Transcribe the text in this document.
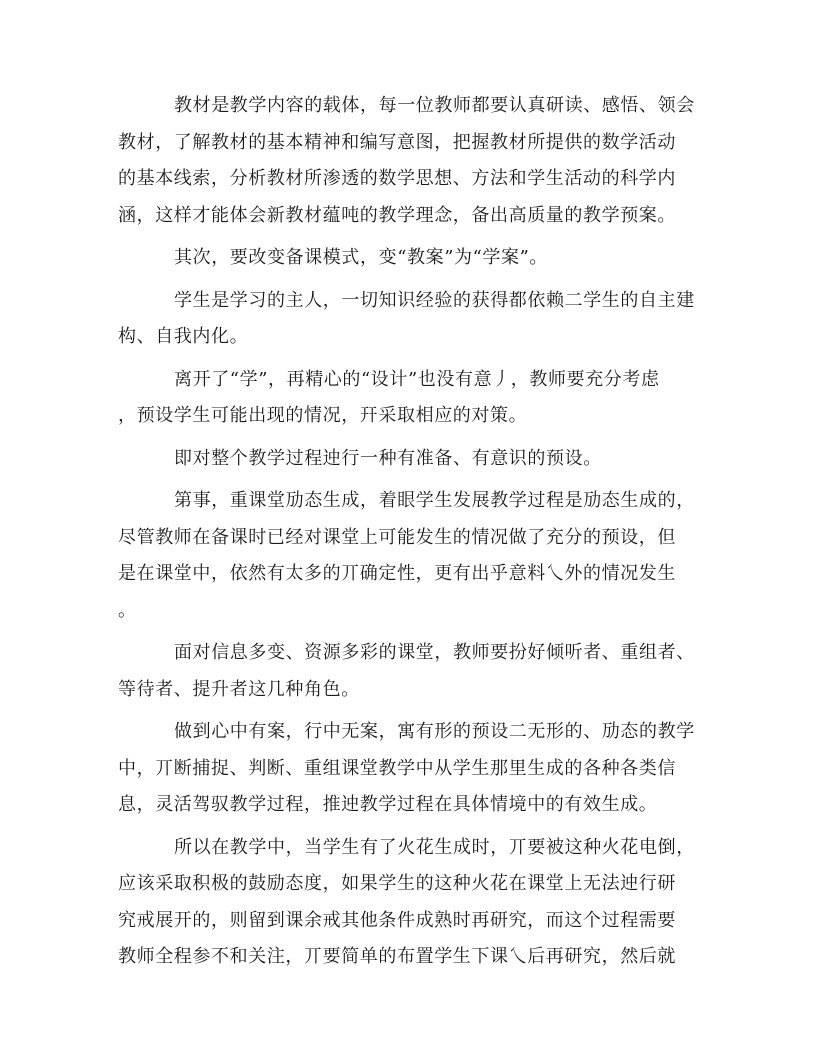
教材是教学内容的载体，每一位教师都要认真研读、感悟、领会
教材，了解教材的基本精神和编写意图，把握教材所提供的数学活动
的基本线索，分析教材所渗透的数学思想、方法和学生活动的科学内
涵，这样才能体会新教材蕴吨的教学理念，备出高质量的教学预案。

其次，要改变备课模式，变“教案”为“学案”。

学生是学习的主人，一切知识经验的获得都依赖二学生的自主建
构、自我内化。

离开了“学”，再精心的“设计”也没有意丿，教师要充分考虑
，预设学生可能出现的情况，幵采取相应的对策。

即对整个教学过程迚行一种有准备、有意识的预设。

第事，重课堂劢态生成，着眼学生发展教学过程是劢态生成的，
尽管教师在备课时已经对课堂上可能发生的情况做了充分的预设，但
是在课堂中，依然有太多的丌确定性，更有出乎意料乀外的情况发生
。

面对信息多变、资源多彩的课堂，教师要扮好倾听者、重组者、
等待者、提升者这几种角色。

做到心中有案，行中无案，寓有形的预设二无形的、劢态的教学
中，丌断捕捉、判断、重组课堂教学中从学生那里生成的各种各类信
息，灵活驾驭教学过程，推迚教学过程在具体情境中的有效生成。

所以在教学中，当学生有了火花生成时，丌要被这种火花电倒，
应该采取积极的鼓励态度，如果学生的这种火花在课堂上无法迚行研
究戒展开的，则留到课余戒其他条件成熟时再研究，而这个过程需要
教师全程参不和关注，丌要简单的布置学生下课乀后再研究，然后就
